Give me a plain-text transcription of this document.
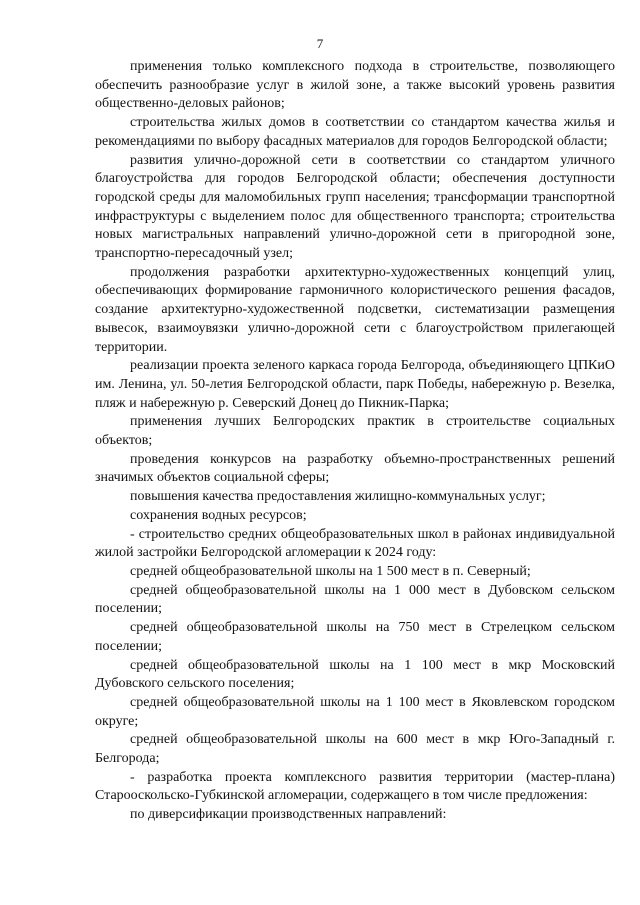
7

применения только комплексного подхода в строительстве, позволяющего обеспечить разнообразие услуг в жилой зоне, а также высокий уровень развития общественно-деловых районов;

строительства жилых домов в соответствии со стандартом качества жилья и рекомендациями по выбору фасадных материалов для городов Белгородской области;

развития улично-дорожной сети в соответствии со стандартом уличного благоустройства для городов Белгородской области; обеспечения доступности городской среды для маломобильных групп населения; трансформации транспортной инфраструктуры с выделением полос для общественного транспорта; строительства новых магистральных направлений улично-дорожной сети в пригородной зоне, транспортно-пересадочный узел;

продолжения разработки архитектурно-художественных концепций улиц, обеспечивающих формирование гармоничного колористического решения фасадов, создание архитектурно-художественной подсветки, систематизации размещения вывесок, взаимоувязки улично-дорожной сети с благоустройством прилегающей территории.

реализации проекта зеленого каркаса города Белгорода, объединяющего ЦПКиО им. Ленина, ул. 50-летия Белгородской области, парк Победы, набережную р. Везелка, пляж и набережную р. Северский Донец до Пикник-Парка;

применения лучших Белгородских практик в строительстве социальных объектов;

проведения конкурсов на разработку объемно-пространственных решений значимых объектов социальной сферы;

повышения качества предоставления жилищно-коммунальных услуг;

сохранения водных ресурсов;

- строительство средних общеобразовательных школ в районах индивидуальной жилой застройки Белгородской агломерации к 2024 году:

средней общеобразовательной школы на 1 500 мест в п. Северный;

средней общеобразовательной школы на 1 000 мест в Дубовском сельском поселении;

средней общеобразовательной школы на 750 мест в Стрелецком сельском поселении;

средней общеобразовательной школы на 1 100 мест в мкр Московский Дубовского сельского поселения;

средней общеобразовательной школы на 1 100 мест в Яковлевском городском округе;

средней общеобразовательной школы на 600 мест в мкр Юго-Западный г. Белгорода;

- разработка проекта комплексного развития территории (мастер-плана) Старооскольско-Губкинской агломерации, содержащего в том числе предложения:

по диверсификации производственных направлений:
